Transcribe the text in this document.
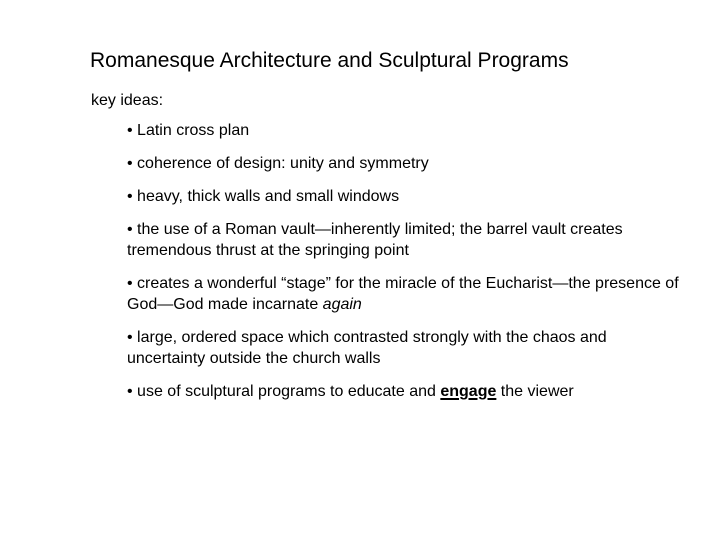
Romanesque Architecture and Sculptural Programs
key ideas:
• Latin cross plan
• coherence of design: unity and symmetry
• heavy, thick walls and small windows
• the use of a Roman vault—inherently limited; the barrel vault creates tremendous thrust at the springing point
• creates a wonderful “stage” for the miracle of the Eucharist—the presence of God—God made incarnate again
• large, ordered space which contrasted strongly with the chaos and uncertainty outside the church walls
• use of sculptural programs to educate and engage the viewer
